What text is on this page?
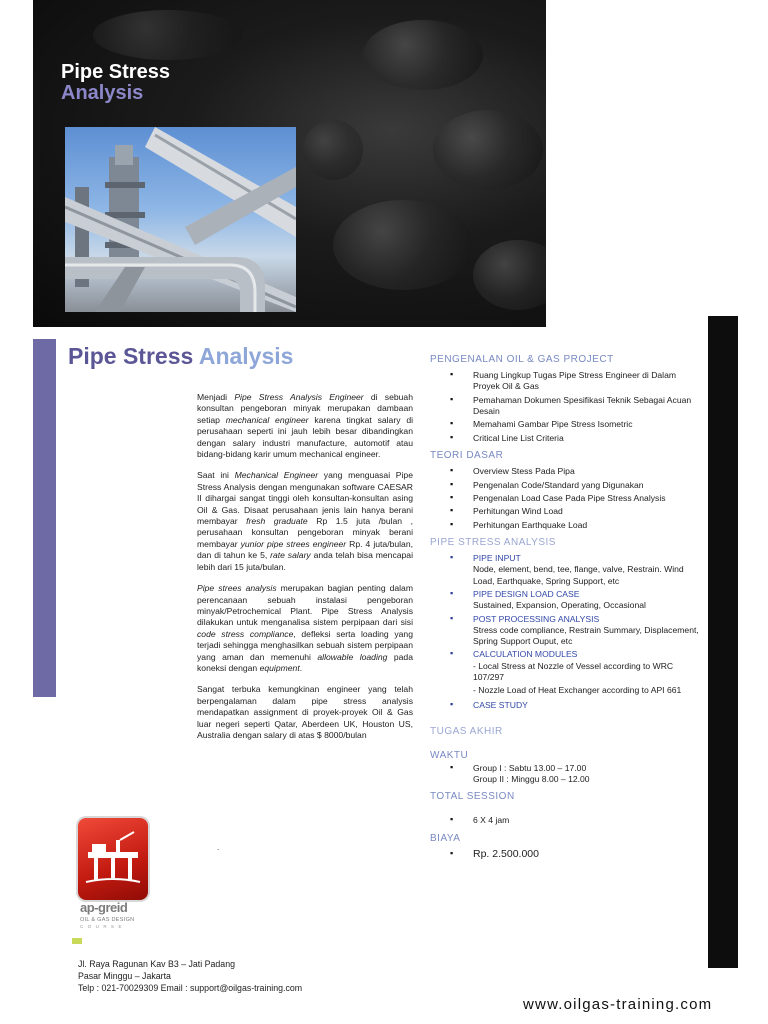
Pipe Stress
Analysis
Pipe Stress Analysis

Menjadi Pipe Stress Analysis Engineer di sebuah konsultan pengeboran minyak merupakan dambaan setiap mechanical engineer karena tingkat salary di perusahaan seperti ini jauh lebih besar dibandingkan dengan salary industri manufacture, automotif atau bidang-bidang karir umum mechanical engineer.

Saat ini Mechanical Engineer yang menguasai Pipe Stress Analysis dengan mengunakan software CAESAR II dihargai sangat tinggi oleh konsultan-konsultan asing Oil & Gas. Disaat perusahaan jenis lain hanya berani membayar fresh graduate Rp 1.5 juta /bulan , perusahaan konsultan pengeboran minyak berani membayar yunior pipe strees engineer Rp. 4 juta/bulan, dan di tahun ke 5, rate salary anda telah bisa mencapai lebih dari 15 juta/bulan.

Pipe strees analysis merupakan bagian penting dalam perencanaan sebuah instalasi pengeboran minyak/Petrochemical Plant. Pipe Stress Analysis dilakukan untuk menganalisa sistem perpipaan dari sisi code stress compliance, defleksi serta loading yang terjadi sehingga menghasilkan sebuah sistem perpipaan yang aman dan memenuhi allowable loading pada koneksi dengan equipment.

Sangat terbuka kemungkinan engineer yang telah berpengalaman dalam pipe stress analysis mendapatkan assignment di proyek-proyek Oil & Gas luar negeri seperti Qatar, Aberdeen UK, Houston US, Australia dengan salary di atas $ 8000/bulan

PENGENALAN OIL & GAS PROJECT
▪ Ruang Lingkup Tugas Pipe Stress Engineer di Dalam Proyek Oil & Gas
▪ Pemahaman Dokumen Spesifikasi Teknik Sebagai Acuan Desain
▪ Memahami Gambar Pipe Stress Isometric
▪ Critical Line List Criteria
TEORI DASAR
▪ Overview Stess Pada Pipa
▪ Pengenalan Code/Standard yang Digunakan
▪ Pengenalan Load Case Pada Pipe Stress Analysis
▪ Perhitungan Wind Load
▪ Perhitungan Earthquake Load
PIPE STRESS ANALYSIS
▪ PIPE INPUT
Node, element, bend, tee, flange, valve, Restrain. Wind Load, Earthquake, Spring Support, etc
▪ PIPE DESIGN LOAD CASE
Sustained, Expansion, Operating, Occasional
▪ POST PROCESSING ANALYSIS
Stress code compliance, Restrain Summary, Displacement, Spring Support Ouput, etc
▪ CALCULATION MODULES
- Local Stress at Nozzle of Vessel according to WRC 107/297
- Nozzle Load of Heat Exchanger according to API 661
▪ CASE STUDY
TUGAS AKHIR
WAKTU
▪ Group I : Sabtu 13.00 – 17.00
Group II : Minggu 8.00 – 12.00
TOTAL SESSION
▪ 6 X 4 jam
BIAYA
▪ Rp. 2.500.000
ap-greid
OIL & GAS DESIGN
C O U R S E
.
Jl. Raya Ragunan Kav B3 – Jati Padang
Pasar Minggu – Jakarta
Telp : 021-70029309 Email : support@oilgas-training.com
www.oilgas-training.com
